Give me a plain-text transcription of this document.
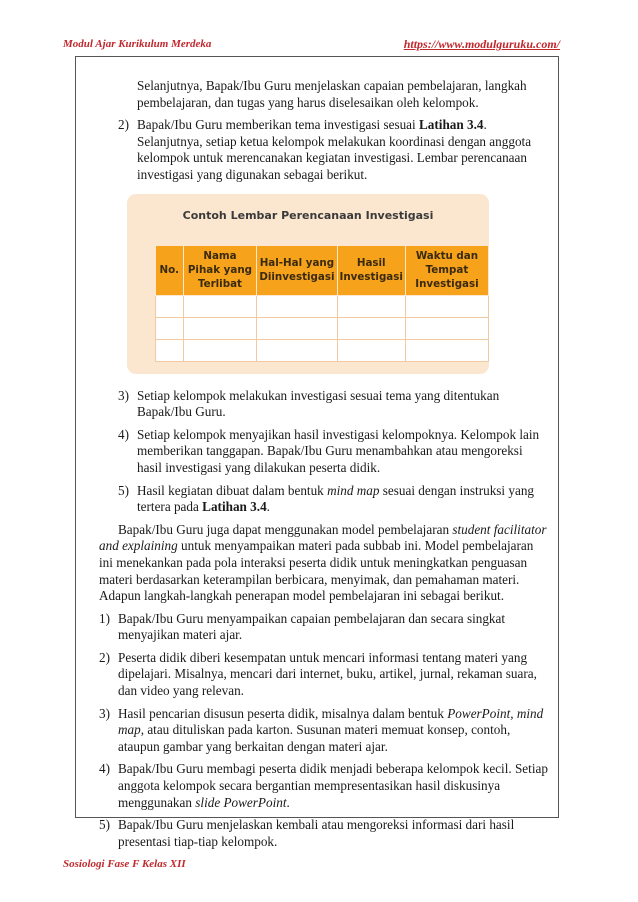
Modul Ajar Kurikulum Merdeka	https://www.modulguruku.com/

Selanjutnya, Bapak/Ibu Guru menjelaskan capaian pembelajaran, langkah pembelajaran, dan tugas yang harus diselesaikan oleh kelompok.

2) Bapak/Ibu Guru memberikan tema investigasi sesuai Latihan 3.4. Selanjutnya, setiap ketua kelompok melakukan koordinasi dengan anggota kelompok untuk merencanakan kegiatan investigasi. Lembar perencanaan investigasi yang digunakan sebagai berikut.
Contoh Lembar Perencanaan Investigasi
No.	Nama Pihak yang Terlibat	Hal-Hal yang Diinvestigasi	Hasil Investigasi	Waktu dan Tempat Investigasi

3) Setiap kelompok melakukan investigasi sesuai tema yang ditentukan Bapak/Ibu Guru.
4) Setiap kelompok menyajikan hasil investigasi kelompoknya. Kelompok lain memberikan tanggapan. Bapak/Ibu Guru menambahkan atau mengoreksi hasil investigasi yang dilakukan peserta didik.
5) Hasil kegiatan dibuat dalam bentuk mind map sesuai dengan instruksi yang tertera pada Latihan 3.4.

Bapak/Ibu Guru juga dapat menggunakan model pembelajaran student facilitator and explaining untuk menyampaikan materi pada subbab ini. Model pembelajaran ini menekankan pada pola interaksi peserta didik untuk meningkatkan penguasan materi berdasarkan keterampilan berbicara, menyimak, dan pemahaman materi. Adapun langkah-langkah penerapan model pembelajaran ini sebagai berikut.

1) Bapak/Ibu Guru menyampaikan capaian pembelajaran dan secara singkat menyajikan materi ajar.
2) Peserta didik diberi kesempatan untuk mencari informasi tentang materi yang dipelajari. Misalnya, mencari dari internet, buku, artikel, jurnal, rekaman suara, dan video yang relevan.
3) Hasil pencarian disusun peserta didik, misalnya dalam bentuk PowerPoint, mind map, atau dituliskan pada karton. Susunan materi memuat konsep, contoh, ataupun gambar yang berkaitan dengan materi ajar.
4) Bapak/Ibu Guru membagi peserta didik menjadi beberapa kelompok kecil. Setiap anggota kelompok secara bergantian mempresentasikan hasil diskusinya menggunakan slide PowerPoint.
5) Bapak/Ibu Guru menjelaskan kembali atau mengoreksi informasi dari hasil presentasi tiap-tiap kelompok.
Sosiologi Fase F Kelas XII
